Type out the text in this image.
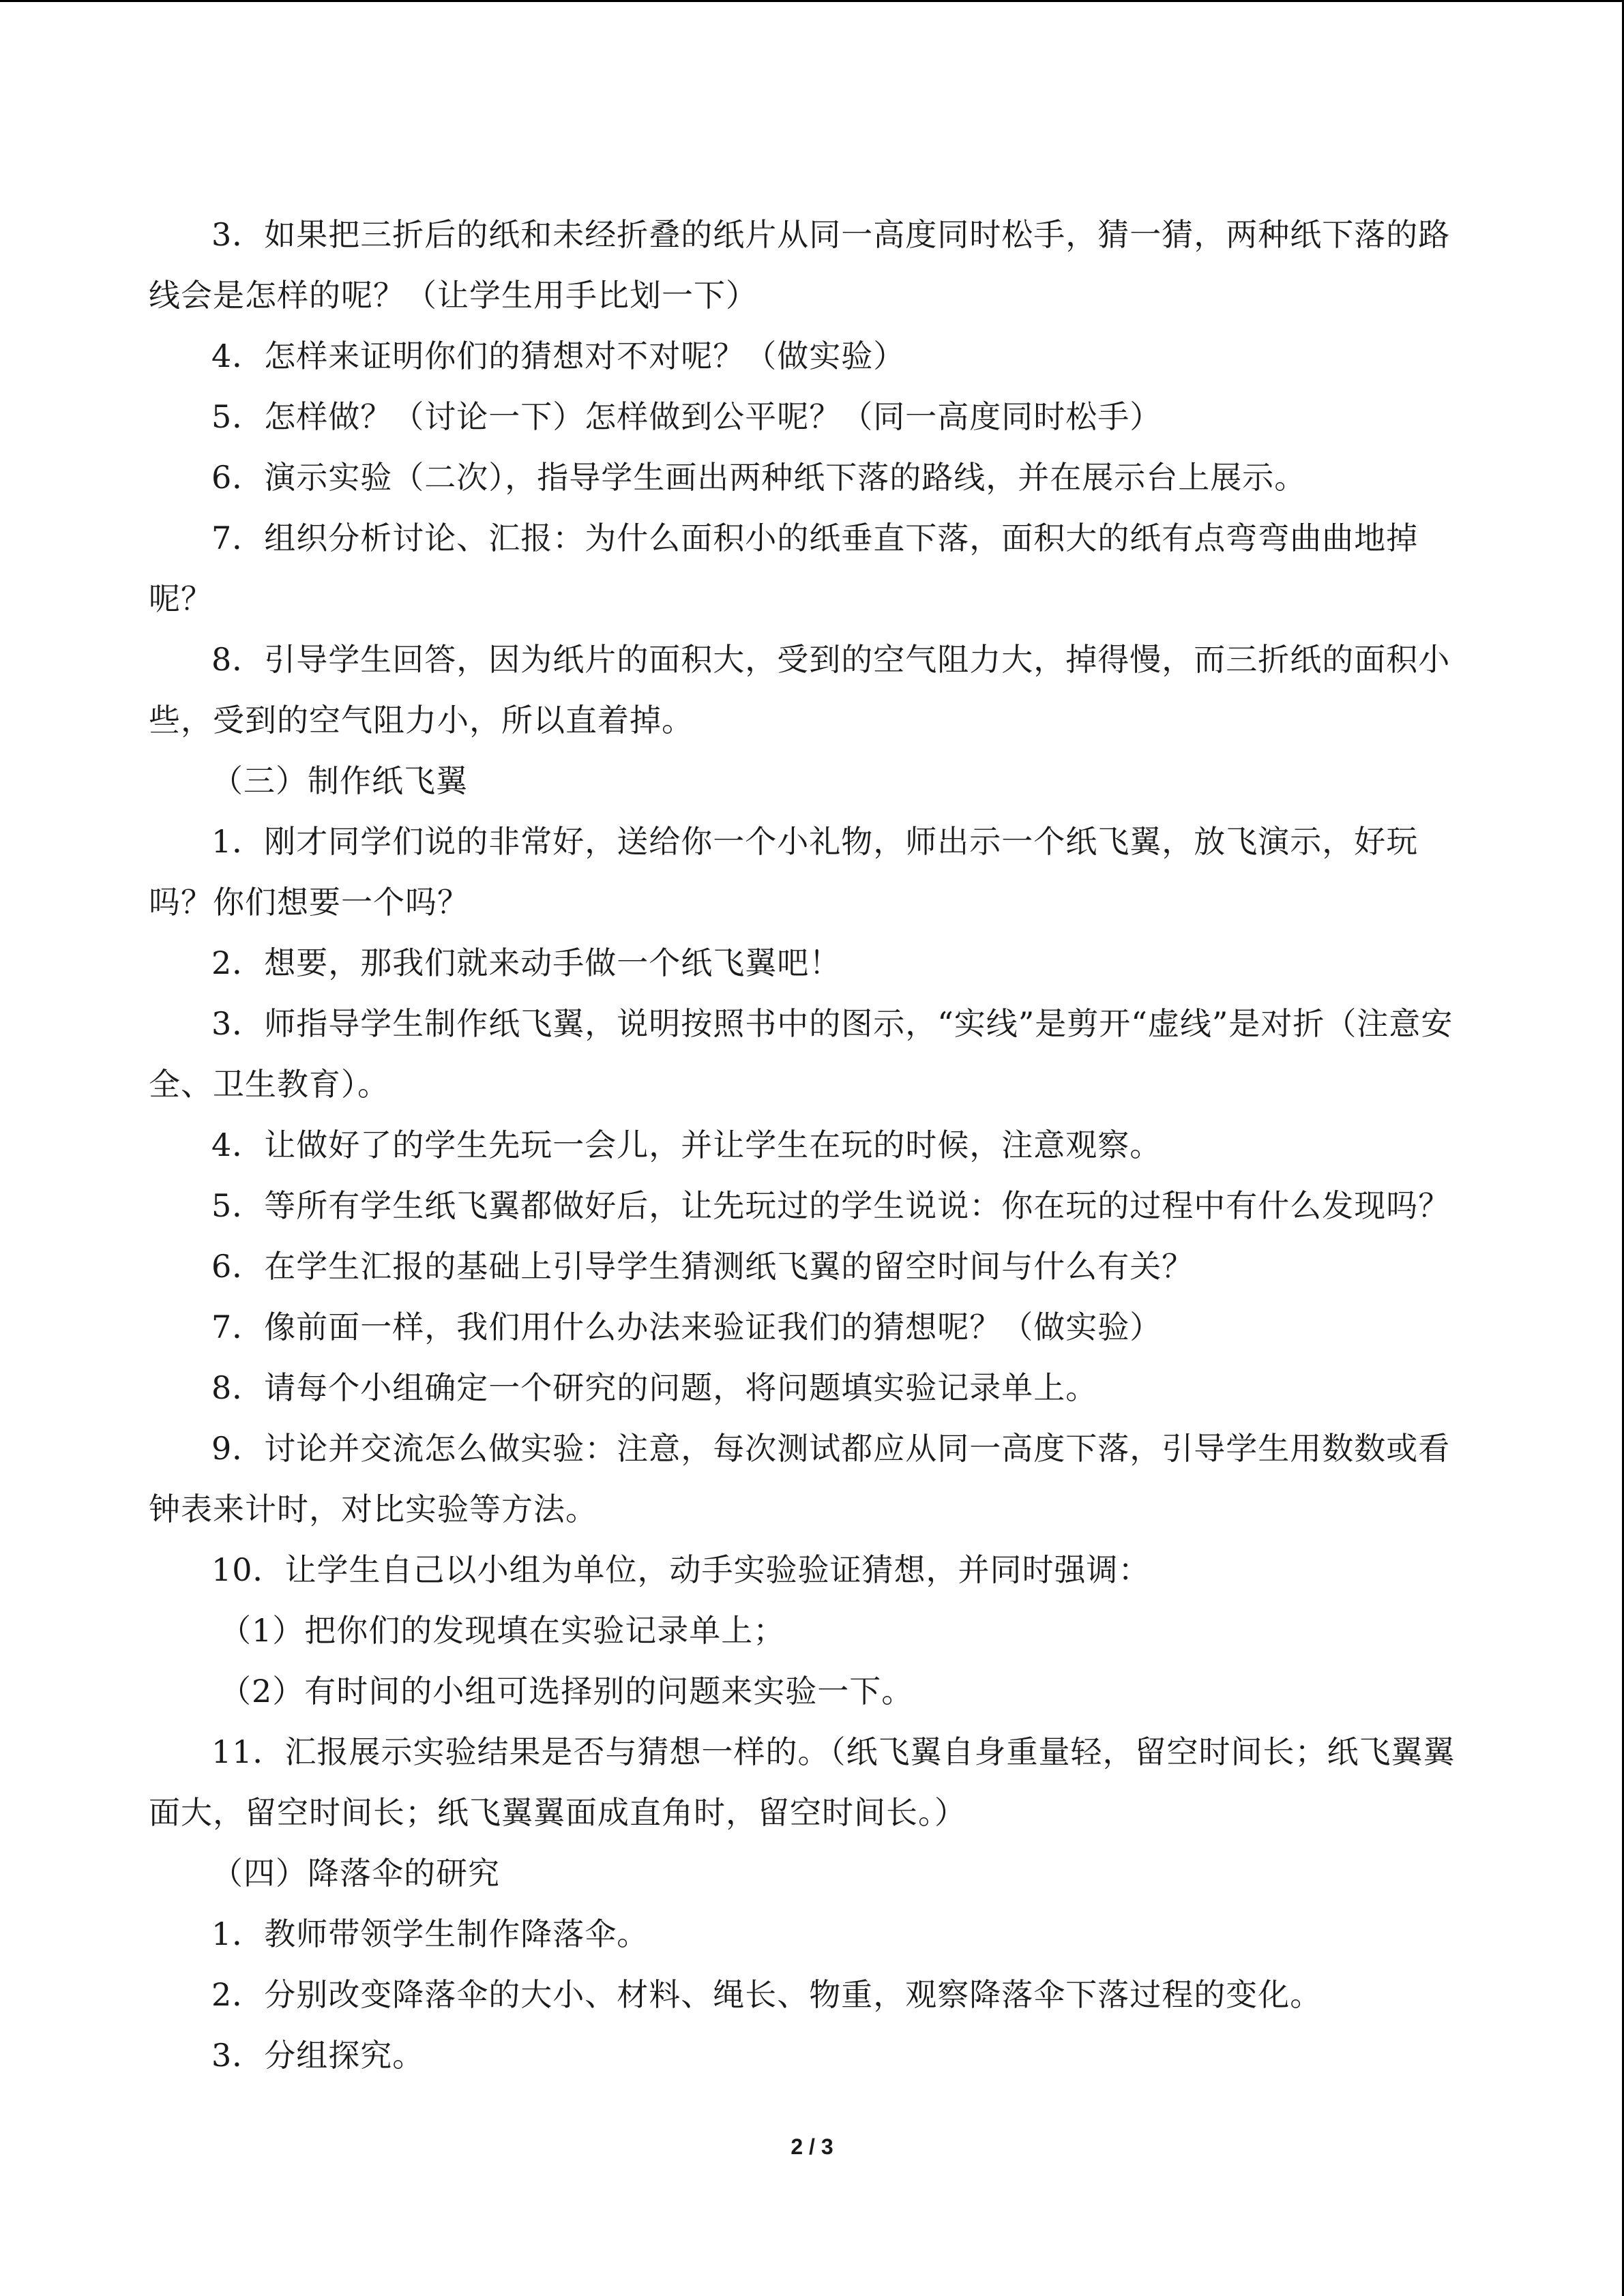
3．如果把三折后的纸和未经折叠的纸片从同一高度同时松手，猜一猜，两种纸下落的路线会是怎样的呢？（让学生用手比划一下）

4．怎样来证明你们的猜想对不对呢？（做实验）

5．怎样做？（讨论一下）怎样做到公平呢？（同一高度同时松手）

6．演示实验（二次），指导学生画出两种纸下落的路线，并在展示台上展示。

7．组织分析讨论、汇报：为什么面积小的纸垂直下落，面积大的纸有点弯弯曲曲地掉呢？

8．引导学生回答，因为纸片的面积大，受到的空气阻力大，掉得慢，而三折纸的面积小些，受到的空气阻力小，所以直着掉。

（三）制作纸飞翼

1．刚才同学们说的非常好，送给你一个小礼物，师出示一个纸飞翼，放飞演示，好玩吗？你们想要一个吗？

2．想要，那我们就来动手做一个纸飞翼吧！

3．师指导学生制作纸飞翼，说明按照书中的图示，“实线”是剪开“虚线”是对折（注意安全、卫生教育）。

4．让做好了的学生先玩一会儿，并让学生在玩的时候，注意观察。

5．等所有学生纸飞翼都做好后，让先玩过的学生说说：你在玩的过程中有什么发现吗？

6．在学生汇报的基础上引导学生猜测纸飞翼的留空时间与什么有关？

7．像前面一样，我们用什么办法来验证我们的猜想呢？（做实验）

8．请每个小组确定一个研究的问题，将问题填实验记录单上。

9．讨论并交流怎么做实验：注意，每次测试都应从同一高度下落，引导学生用数数或看钟表来计时，对比实验等方法。

10．让学生自己以小组为单位，动手实验验证猜想，并同时强调：

（1）把你们的发现填在实验记录单上；

（2）有时间的小组可选择别的问题来实验一下。

11．汇报展示实验结果是否与猜想一样的。（纸飞翼自身重量轻，留空时间长；纸飞翼翼面大，留空时间长；纸飞翼翼面成直角时，留空时间长。）

（四）降落伞的研究

1．教师带领学生制作降落伞。

2．分别改变降落伞的大小、材料、绳长、物重，观察降落伞下落过程的变化。

3．分组探究。

2 / 3
